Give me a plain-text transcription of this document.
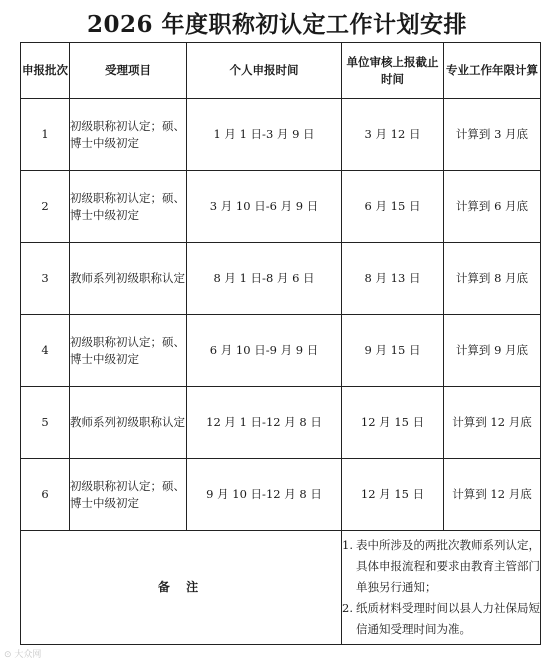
2026 年度职称初认定工作计划安排
申报批次	受理项目	个人申报时间	单位审核上报截止时间	专业工作年限计算
1	初级职称初认定；硕、博士中级初定	1 月 1 日-3 月 9 日	3 月 12 日	计算到 3 月底
2	初级职称初认定；硕、博士中级初定	3 月 10 日-6 月 9 日	6 月 15 日	计算到 6 月底
3	教师系列初级职称认定	8 月 1 日-8 月 6 日	8 月 13 日	计算到 8 月底
4	初级职称初认定；硕、博士中级初定	6 月 10 日-9 月 9 日	9 月 15 日	计算到 9 月底
5	教师系列初级职称认定	12 月 1 日-12 月 8 日	12 月 15 日	计算到 12 月底
6	初级职称初认定；硕、博士中级初定	9 月 10 日-12 月 8 日	12 月 15 日	计算到 12 月底
备 注			1. 表中所涉及的两批次教师系列认定，具体申报流程和要求由教育主管部门单独另行通知；
2. 纸质材料受理时间以县人力社保局短信通知受理时间为准。	
⊙ 大众网
